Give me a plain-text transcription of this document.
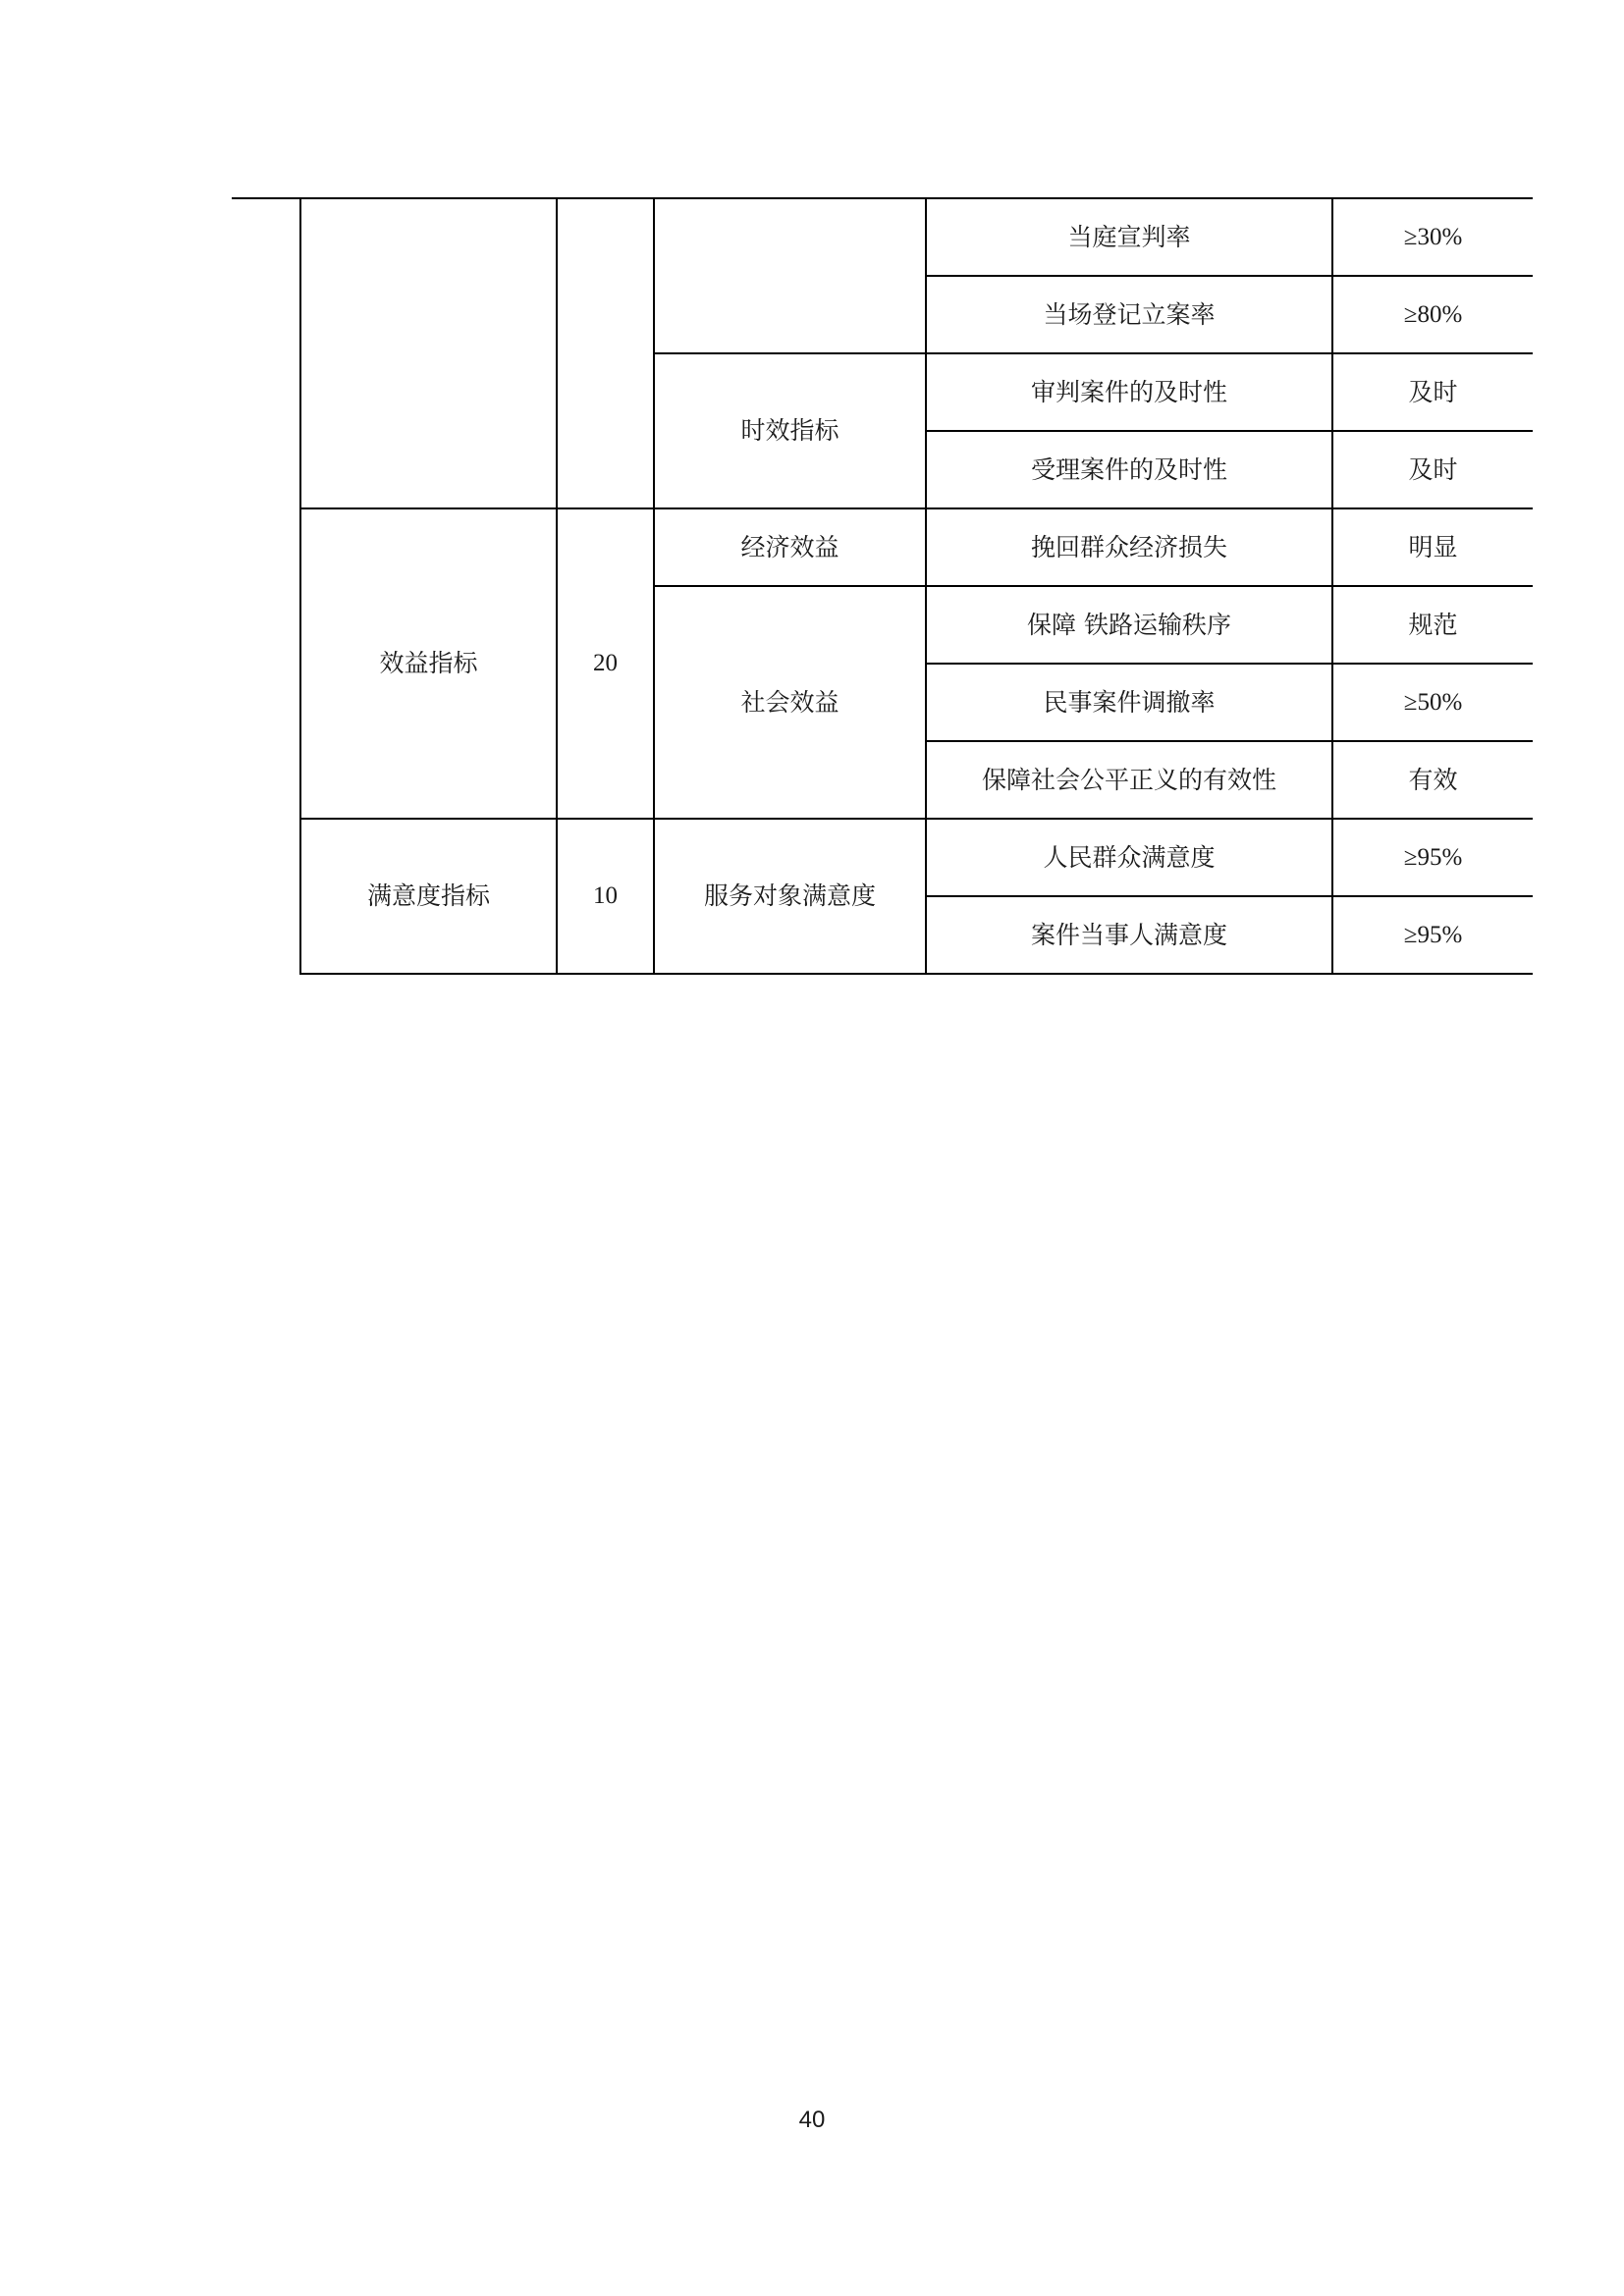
				当庭宣判率	≥30%
				当场登记立案率	≥80%
			时效指标	审判案件的及时性	及时
				受理案件的及时性	及时
	效益指标	20	经济效益	挽回群众经济损失	明显
			社会效益	保障 铁路运输秩序	规范
				民事案件调撤率	≥50%
				保障社会公平正义的有效性	有效
	满意度指标	10	服务对象满意度	人民群众满意度	≥95%
				案件当事人满意度	≥95%
40
